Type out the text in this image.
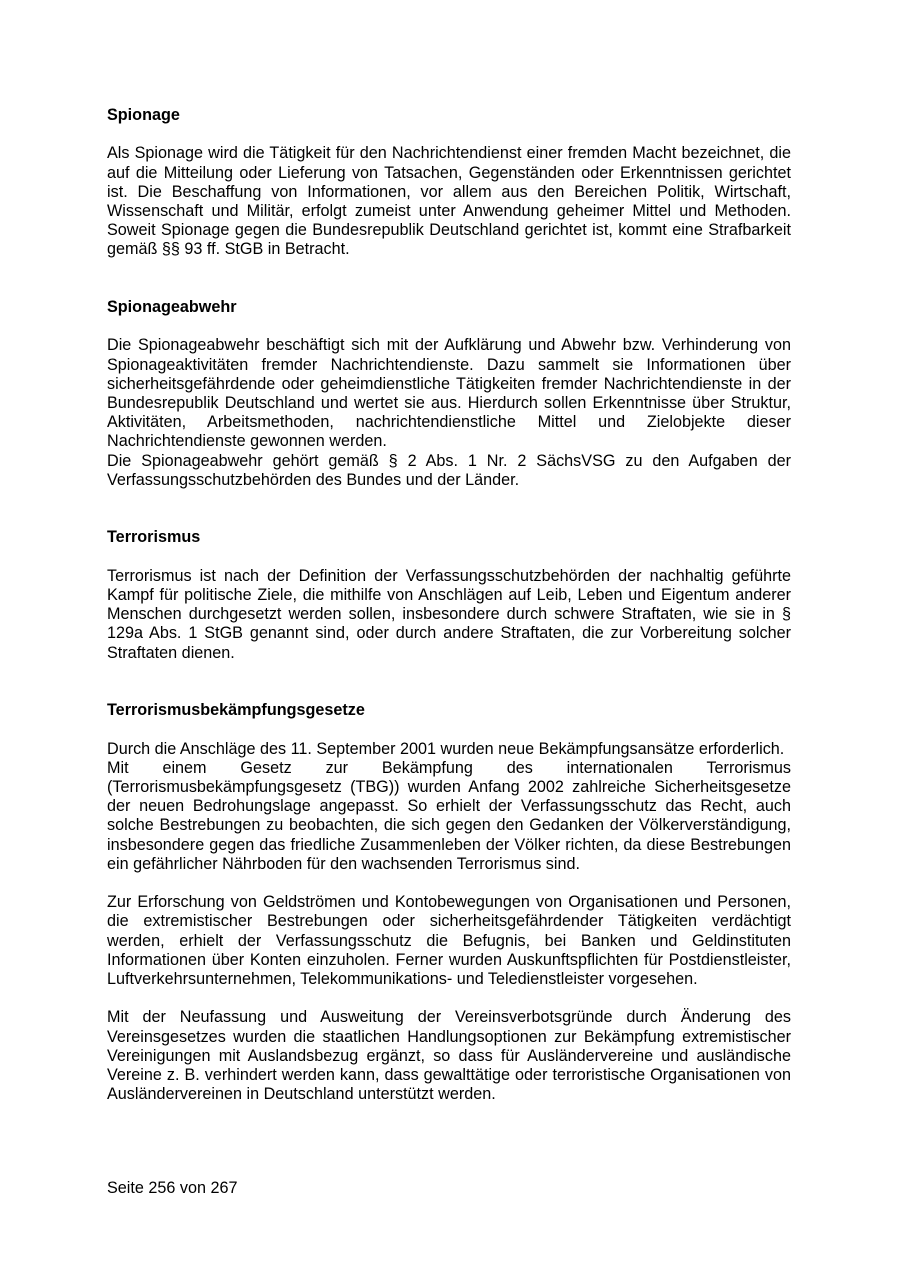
Spionage

Als Spionage wird die Tätigkeit für den Nachrichtendienst einer fremden Macht bezeichnet, die auf die Mitteilung oder Lieferung von Tatsachen, Gegenständen oder Erkenntnissen gerichtet ist. Die Beschaffung von Informationen, vor allem aus den Bereichen Politik, Wirtschaft, Wissenschaft und Militär, erfolgt zumeist unter Anwendung geheimer Mittel und Methoden. Soweit Spionage gegen die Bundesrepublik Deutschland gerichtet ist, kommt eine Strafbarkeit gemäß §§ 93 ff. StGB in Betracht.

Spionageabwehr

Die Spionageabwehr beschäftigt sich mit der Aufklärung und Abwehr bzw. Verhinderung von Spionageaktivitäten fremder Nachrichtendienste. Dazu sammelt sie Informationen über sicherheitsgefährdende oder geheimdienstliche Tätigkeiten fremder Nachrichtendienste in der Bundesrepublik Deutschland und wertet sie aus. Hierdurch sollen Erkenntnisse über Struktur, Aktivitäten, Arbeitsmethoden, nachrichtendienstliche Mittel und Zielobjekte dieser Nachrichtendienste gewonnen werden.

Die Spionageabwehr gehört gemäß § 2 Abs. 1 Nr. 2 SächsVSG zu den Aufgaben der Verfassungsschutzbehörden des Bundes und der Länder.

Terrorismus

Terrorismus ist nach der Definition der Verfassungsschutzbehörden der nachhaltig geführte Kampf für politische Ziele, die mithilfe von Anschlägen auf Leib, Leben und Eigentum anderer Menschen durchgesetzt werden sollen, insbesondere durch schwere Straftaten, wie sie in § 129a Abs. 1 StGB genannt sind, oder durch andere Straftaten, die zur Vorbereitung solcher Straftaten dienen.

Terrorismusbekämpfungsgesetze

Durch die Anschläge des 11. September 2001 wurden neue Bekämpfungsansätze erforderlich.

Mit einem Gesetz zur Bekämpfung des internationalen Terrorismus (Terrorismusbekämpfungsgesetz (TBG)) wurden Anfang 2002 zahlreiche Sicherheitsgesetze der neuen Bedrohungslage angepasst. So erhielt der Verfassungsschutz das Recht, auch solche Bestrebungen zu beobachten, die sich gegen den Gedanken der Völkerverständigung, insbesondere gegen das friedliche Zusammenleben der Völker richten, da diese Bestrebungen ein gefährlicher Nährboden für den wachsenden Terrorismus sind.

Zur Erforschung von Geldströmen und Kontobewegungen von Organisationen und Personen, die extremistischer Bestrebungen oder sicherheitsgefährdender Tätigkeiten verdächtigt werden, erhielt der Verfassungsschutz die Befugnis, bei Banken und Geldinstituten Informationen über Konten einzuholen. Ferner wurden Auskunftspflichten für Postdienstleister, Luftverkehrsunternehmen, Telekommunikations- und Teledienstleister vorgesehen.

Mit der Neufassung und Ausweitung der Vereinsverbotsgründe durch Änderung des Vereinsgesetzes wurden die staatlichen Handlungsoptionen zur Bekämpfung extremistischer Vereinigungen mit Auslandsbezug ergänzt, so dass für Ausländervereine und ausländische Vereine z. B. verhindert werden kann, dass gewalttätige oder terroristische Organisationen von Ausländervereinen in Deutschland unterstützt werden.

Seite 256 von 267
